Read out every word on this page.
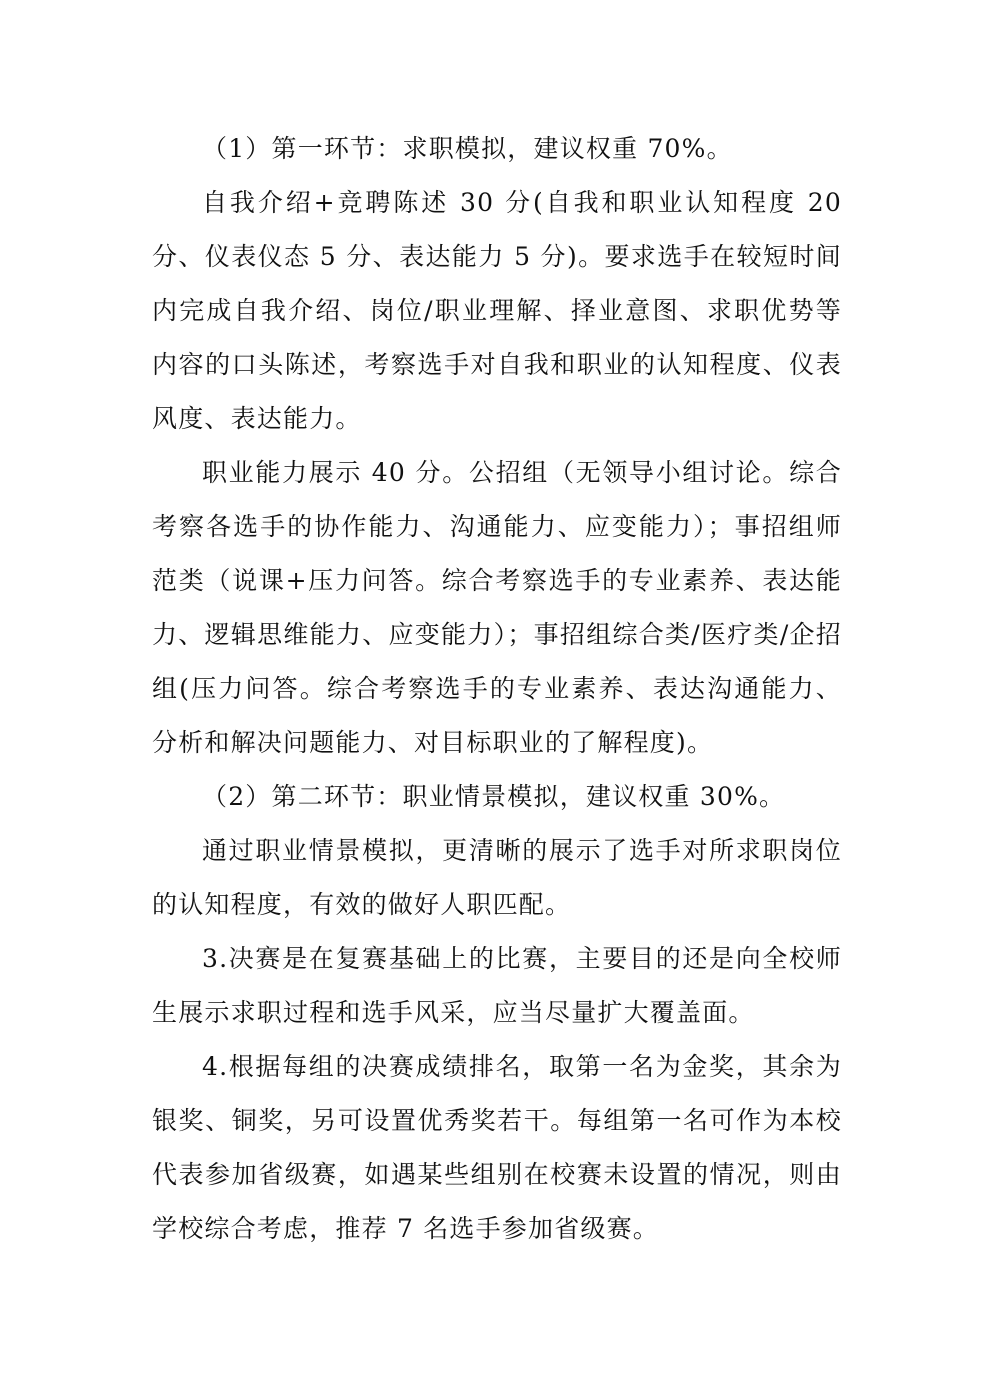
（1）第一环节：求职模拟，建议权重 70%。

自我介绍+竞聘陈述 30 分(自我和职业认知程度 20 分、仪表仪态 5 分、表达能力 5 分)。要求选手在较短时间内完成自我介绍、岗位/职业理解、择业意图、求职优势等内容的口头陈述，考察选手对自我和职业的认知程度、仪表风度、表达能力。

职业能力展示 40 分。公招组（无领导小组讨论。综合考察各选手的协作能力、沟通能力、应变能力）；事招组师范类（说课+压力问答。综合考察选手的专业素养、表达能力、逻辑思维能力、应变能力）；事招组综合类/医疗类/企招组(压力问答。综合考察选手的专业素养、表达沟通能力、分析和解决问题能力、对目标职业的了解程度)。

（2）第二环节：职业情景模拟，建议权重 30%。

通过职业情景模拟，更清晰的展示了选手对所求职岗位的认知程度，有效的做好人职匹配。

3.决赛是在复赛基础上的比赛，主要目的还是向全校师生展示求职过程和选手风采，应当尽量扩大覆盖面。

4.根据每组的决赛成绩排名，取第一名为金奖，其余为银奖、铜奖，另可设置优秀奖若干。每组第一名可作为本校代表参加省级赛，如遇某些组别在校赛未设置的情况，则由学校综合考虑，推荐 7 名选手参加省级赛。
